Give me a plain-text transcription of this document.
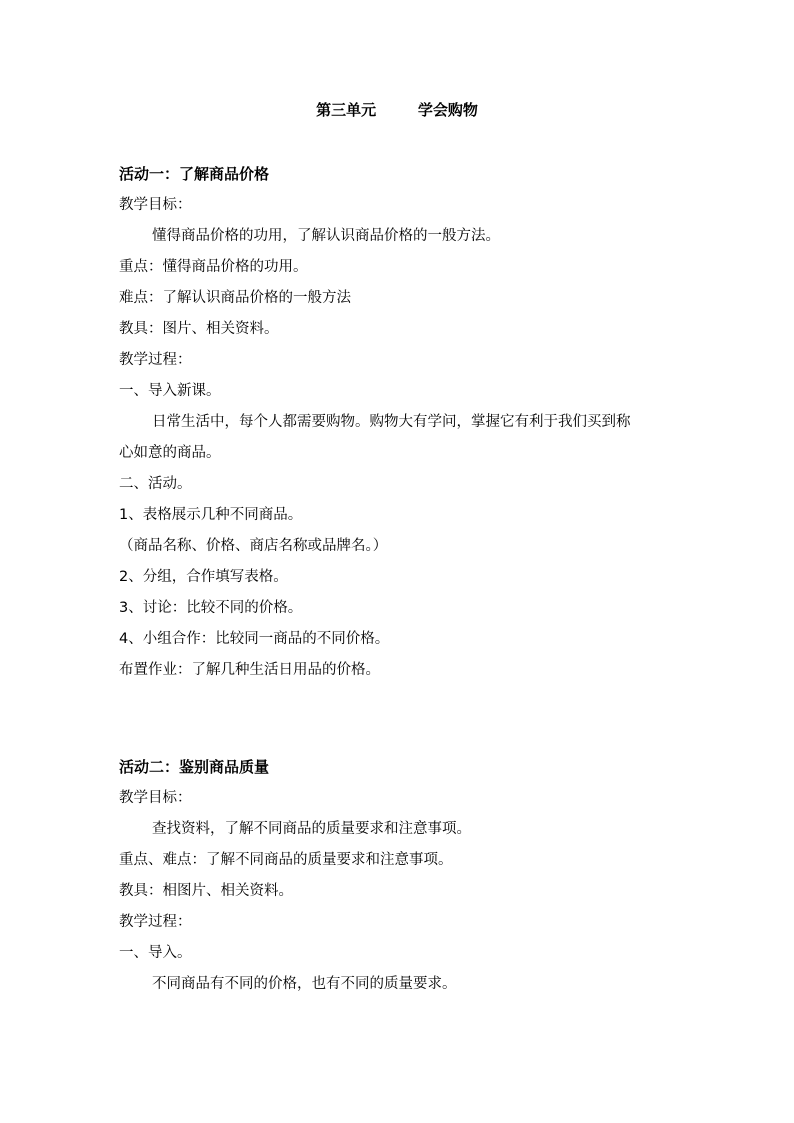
第三单元        学会购物
活动一：了解商品价格
教学目标：
懂得商品价格的功用，了解认识商品价格的一般方法。
重点：懂得商品价格的功用。
难点：了解认识商品价格的一般方法
教具：图片、相关资料。
教学过程：
一、导入新课。
日常生活中，每个人都需要购物。购物大有学问，掌握它有利于我们买到称
心如意的商品。
二、活动。
1、表格展示几种不同商品。
（商品名称、价格、商店名称或品牌名。）
2、分组，合作填写表格。
3、讨论：比较不同的价格。
4、小组合作：比较同一商品的不同价格。
布置作业：了解几种生活日用品的价格。
活动二：鉴别商品质量
教学目标：
查找资料，了解不同商品的质量要求和注意事项。
重点、难点：了解不同商品的质量要求和注意事项。
教具：相图片、相关资料。
教学过程：
一、导入。
不同商品有不同的价格，也有不同的质量要求。
